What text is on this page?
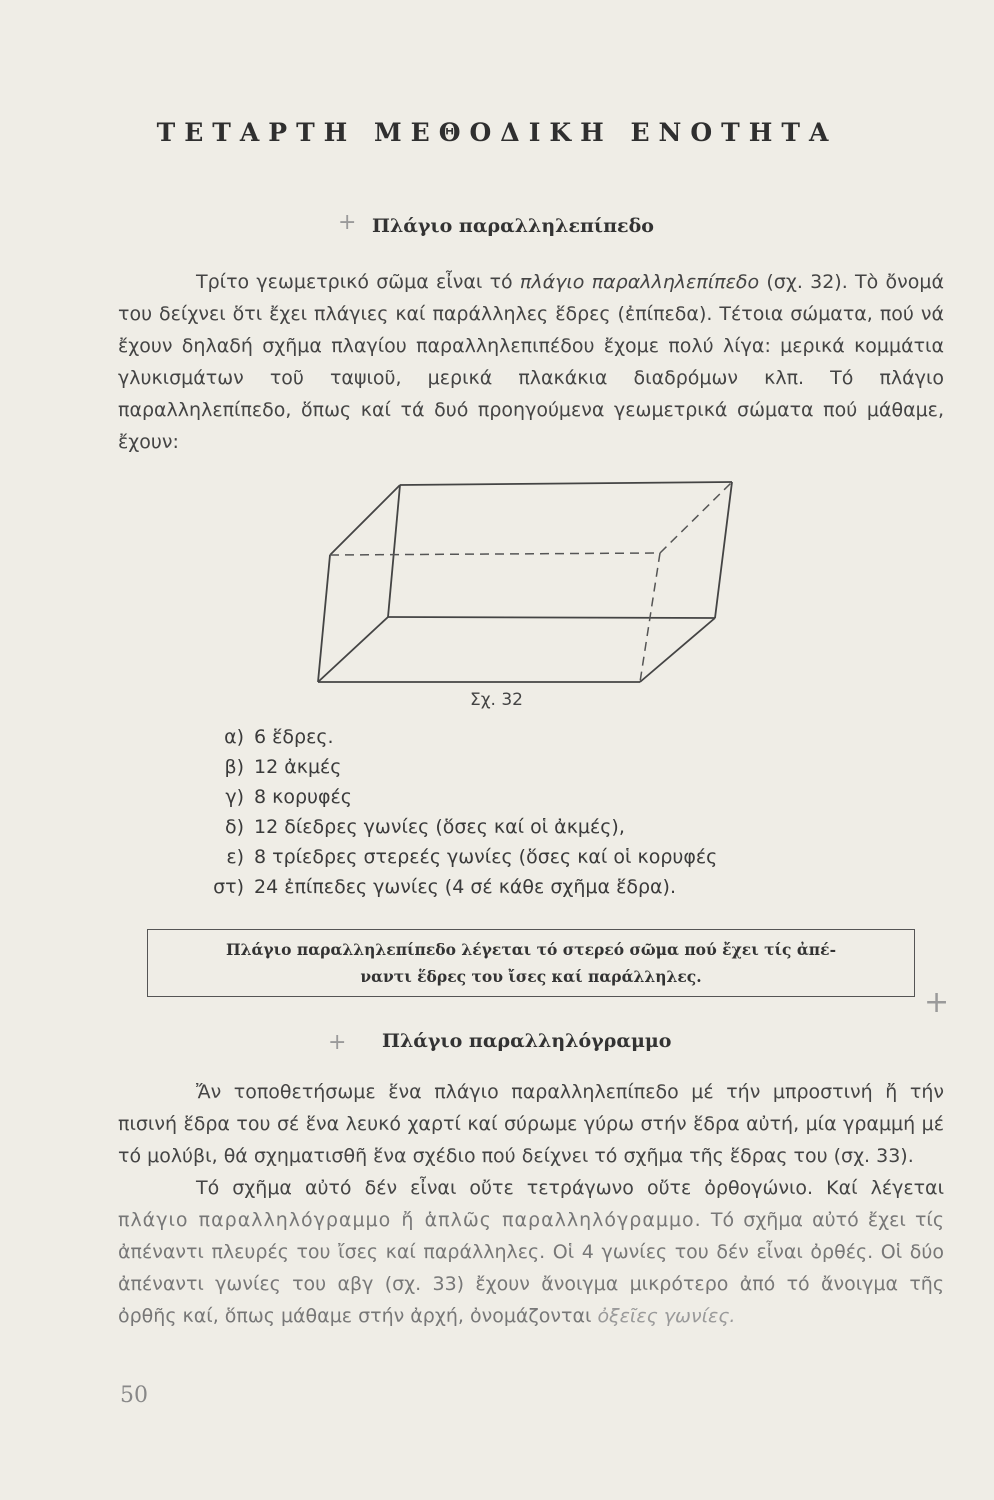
ΤΕΤΑΡΤΗ ΜΕΘΟΔΙΚΗ ΕΝΟΤΗΤΑ
+ Πλάγιο παραλληλεπίπεδο

Τρίτο γεωμετρικό σῶμα εἶναι τό πλάγιο παραλληλεπίπεδο (σχ. 32). Τὸ ὄνομά του δείχνει ὅτι ἔχει πλάγιες καί παράλληλες ἕδρες (ἐπίπεδα). Τέτοια σώματα, πού νά ἔχουν δηλαδή σχῆμα πλαγίου παραλληλεπιπέδου ἔχομε πολύ λίγα: μερικά κομμάτια γλυκισμάτων τοῦ ταψιοῦ, μερικά πλακάκια διαδρόμων κλπ. Τό πλάγιο παραλληλεπίπεδο, ὅπως καί τά δυό προηγούμενα γεωμετρικά σώματα πού μάθαμε, ἔχουν:

Σχ. 32
α) 6 ἕδρες.
β) 12 ἀκμές
γ) 8 κορυφές
δ) 12 δίεδρες γωνίες (ὅσες καί οἱ ἀκμές),
ε) 8 τρίεδρες στερεές γωνίες (ὅσες καί οἱ κορυφές
στ) 24 ἐπίπεδες γωνίες (4 σέ κάθε σχῆμα ἕδρα).
Πλάγιο παραλληλεπίπεδο λέγεται τό στερεό σῶμα πού ἔχει τίς ἀπέ-
ναντι ἕδρες του ἴσες καί παράλληλες.
+
+ Πλάγιο παραλληλόγραμμο

Ἄν τοποθετήσωμε ἕνα πλάγιο παραλληλεπίπεδο μέ τήν μπροστινή ἤ τήν πισινή ἕδρα του σέ ἕνα λευκό χαρτί καί σύρωμε γύρω στήν ἕδρα αὐτή, μία γραμμή μέ τό μολύβι, θά σχηματισθῆ ἕνα σχέδιο πού δείχνει τό σχῆμα τῆς ἕδρας του (σχ. 33).

Τό σχῆμα αὐτό δέν εἶναι οὔτε τετράγωνο οὔτε ὀρθογώνιο. Καί λέγεται πλάγιο παραλληλόγραμμο ἤ ἁπλῶς παραλληλόγραμμο. Τό σχῆμα αὐτό ἔχει τίς ἀπέναντι πλευρές του ἴσες καί παράλληλες. Οἱ 4 γωνίες του δέν εἶναι ὀρθές. Οἱ δύο ἀπέναντι γωνίες του αβγ (σχ. 33) ἔχουν ἄνοιγμα μικρότερο ἀπό τό ἄνοιγμα τῆς ὀρθῆς καί, ὅπως μάθαμε στήν ἀρχή, ὀνομάζονται ὀξεῖες γωνίες.

50
